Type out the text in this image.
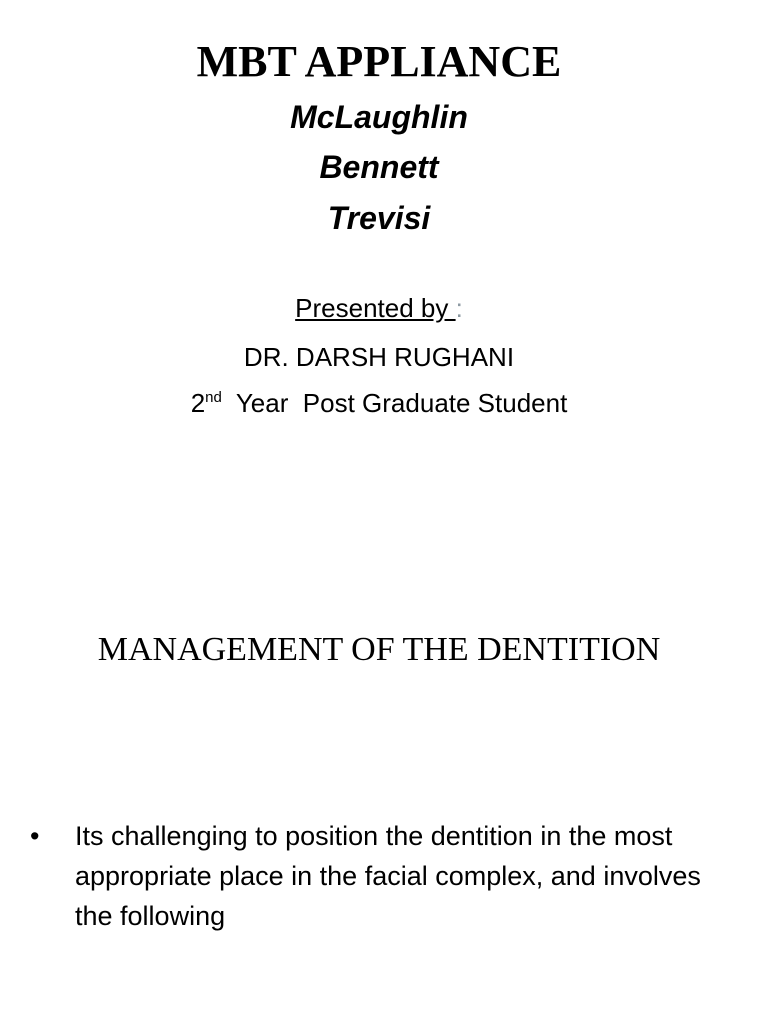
MBT APPLIANCE

McLaughlin

Bennett

Trevisi

Presented by :

DR. DARSH RUGHANI

2nd  Year  Post Graduate Student

MANAGEMENT OF THE DENTITION
• Its challenging to position the dentition in the most appropriate place in the facial complex, and involves the following
